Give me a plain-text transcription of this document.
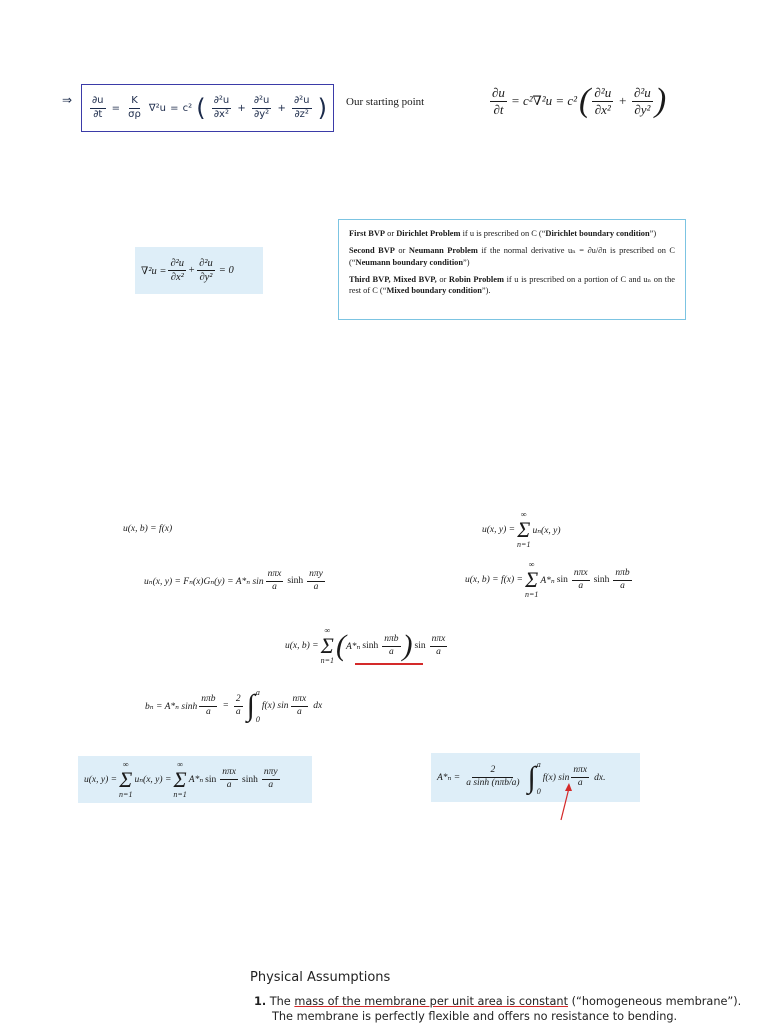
⇒ $\frac{\partial u}{\partial t} = \frac{K}{\sigma\rho} \nabla^2u = c^2$ ( $\frac{\text{∂²u}}{\text{∂x²}} + \frac{\text{∂²u}}{\text{∂y²}} + \frac{\text{∂²u}}{\text{∂z²}}$ ) Our starting point	$\frac{\partial u}{\partial t} = c^2\nabla^2u = c^2$ ( $\frac{\text{∂²u}}{\text{∂x²}} + \frac{\text{∂²u}}{\text{∂y²}}$ )
$\nabla^2u = \frac{\text{∂²u}}{\text{∂x²}} + \frac{\text{∂²u}}{\text{∂y²}} = 0$

First BVP or Dirichlet Problem if u is prescribed on C (“Dirichlet boundary condition”)

Second BVP or Neumann Problem if the normal derivative uₙ = ∂u/∂n is prescribed on C (“Neumann boundary condition”)

Third BVP, Mixed BVP, or Robin Problem if u is prescribed on a portion of C and uₙ on the rest of C (“Mixed boundary condition”).

u(x, b) = f(x)	u(x, y) =
∞
Σ
n=1
uₙ(x, y)
uₙ(x, y) = Fₙ(x)Gₙ(y) = A*ₙ $\sin \frac{\text{nπx}}{a}$ $\sinh \frac{\text{nπy}}{a}$	u(x, b) = f(x) =
∞
Σ
n=1
A*ₙ $\sin \frac{\text{nπx}}{a}$ $\sinh \frac{\text{nπb}}{a}$
u(x, b) =
∞
Σ
n=1 ( A*ₙ $\sinh \frac{\text{nπb}}{a}$ ) $\sin \frac{\text{nπx}}{a}$
bₙ = A*ₙ $\sinh \frac{\text{nπb}}{a} = \frac{2}{a}$ ∫ a
0
f(x) $\sin \frac{\text{nπx}}{a}$ dx
u(x, y) =
∞
Σ
n=1
uₙ(x, y) =
∞
Σ
n=1
A*ₙ $\sin \frac{\text{nπx}}{a}$ $\sinh \frac{\text{nπy}}{a}$	$A*_n = \frac{2}{\text{a sinh (nπb/a)}}$ ∫ a
0
f(x) $\sin \frac{\text{nπx}}{a}$ dx.
Physical Assumptions
1. The mass of the membrane per unit area is constant (“homogeneous membrane”).
The membrane is perfectly flexible and offers no resistance to bending.
